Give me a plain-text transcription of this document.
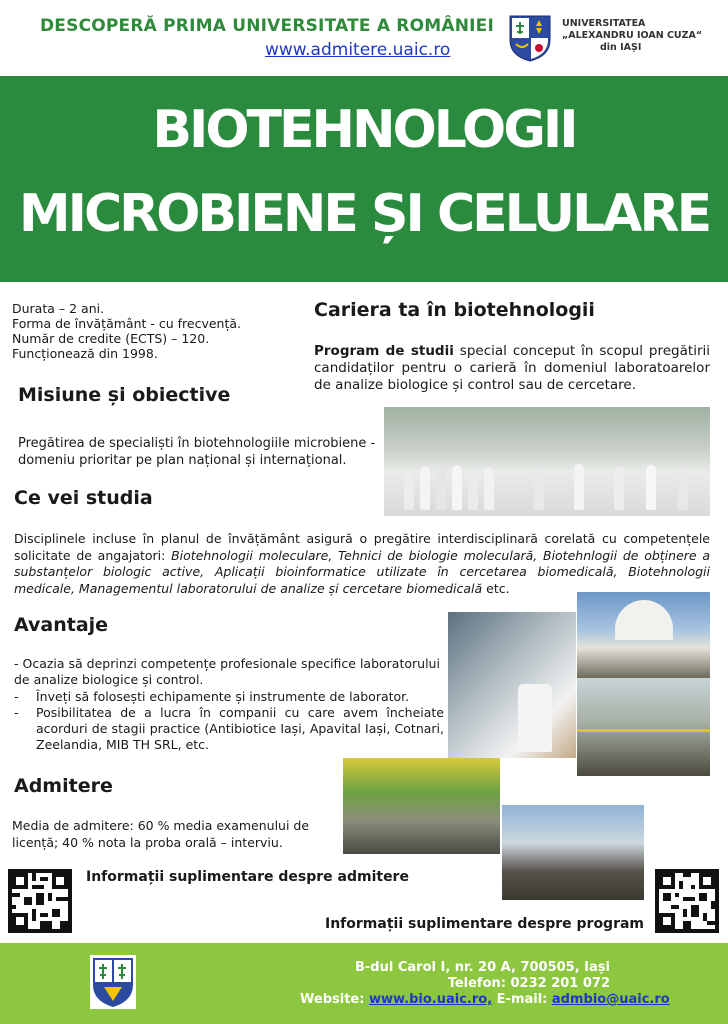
DESCOPERĂ PRIMA UNIVERSITATE A ROMÂNIEI
www.admitere.uaic.ro
UNIVERSITATEA
„ALEXANDRU IOAN CUZA“
din IAȘI
BIOTEHNOLOGII
MICROBIENE ȘI CELULARE
Durata – 2 ani.
Forma de învățământ - cu frecvență.
Număr de credite (ECTS) – 120.
Funcționează din 1998.
Cariera ta în biotehnologii

Program de studii special conceput în scopul pregătirii candidaților pentru o carieră în domeniul laboratoarelor de analize biologice și control sau de cercetare.

Misiune și obiective

Pregătirea de specialiști în biotehnologiile microbiene - domeniu prioritar pe plan național și internațional.

Ce vei studia

Disciplinele incluse în planul de învățământ asigură o pregătire interdisciplinară corelată cu competențele solicitate de angajatori: Biotehnologii moleculare, Tehnici de biologie moleculară, Biotehnlogii de obținere a substanțelor biologic active, Aplicații bioinformatice utilizate în cercetarea biomedicală, Biotehnologii medicale, Managementul laboratorului de analize și cercetare biomedicală etc.

Avantaje

- Ocazia să deprinzi competențe profesionale specifice laboratorului de analize biologice și control.

- Înveți să folosești echipamente și instrumente de laborator.
- Posibilitatea de a lucra în companii cu care avem încheiate acorduri de stagii practice (Antibiotice Iași, Apavital Iași, Cotnari, Zeelandia, MIB TH SRL, etc.
Admitere

Media de admitere: 60 % media examenului de licență; 40 % nota la proba orală – interviu.

Informații suplimentare despre admitere
Informații suplimentare despre program
B-dul Carol I, nr. 20 A, 700505, Iași
Telefon: 0232 201 072
Website: www.bio.uaic.ro, E-mail: admbio@uaic.ro
